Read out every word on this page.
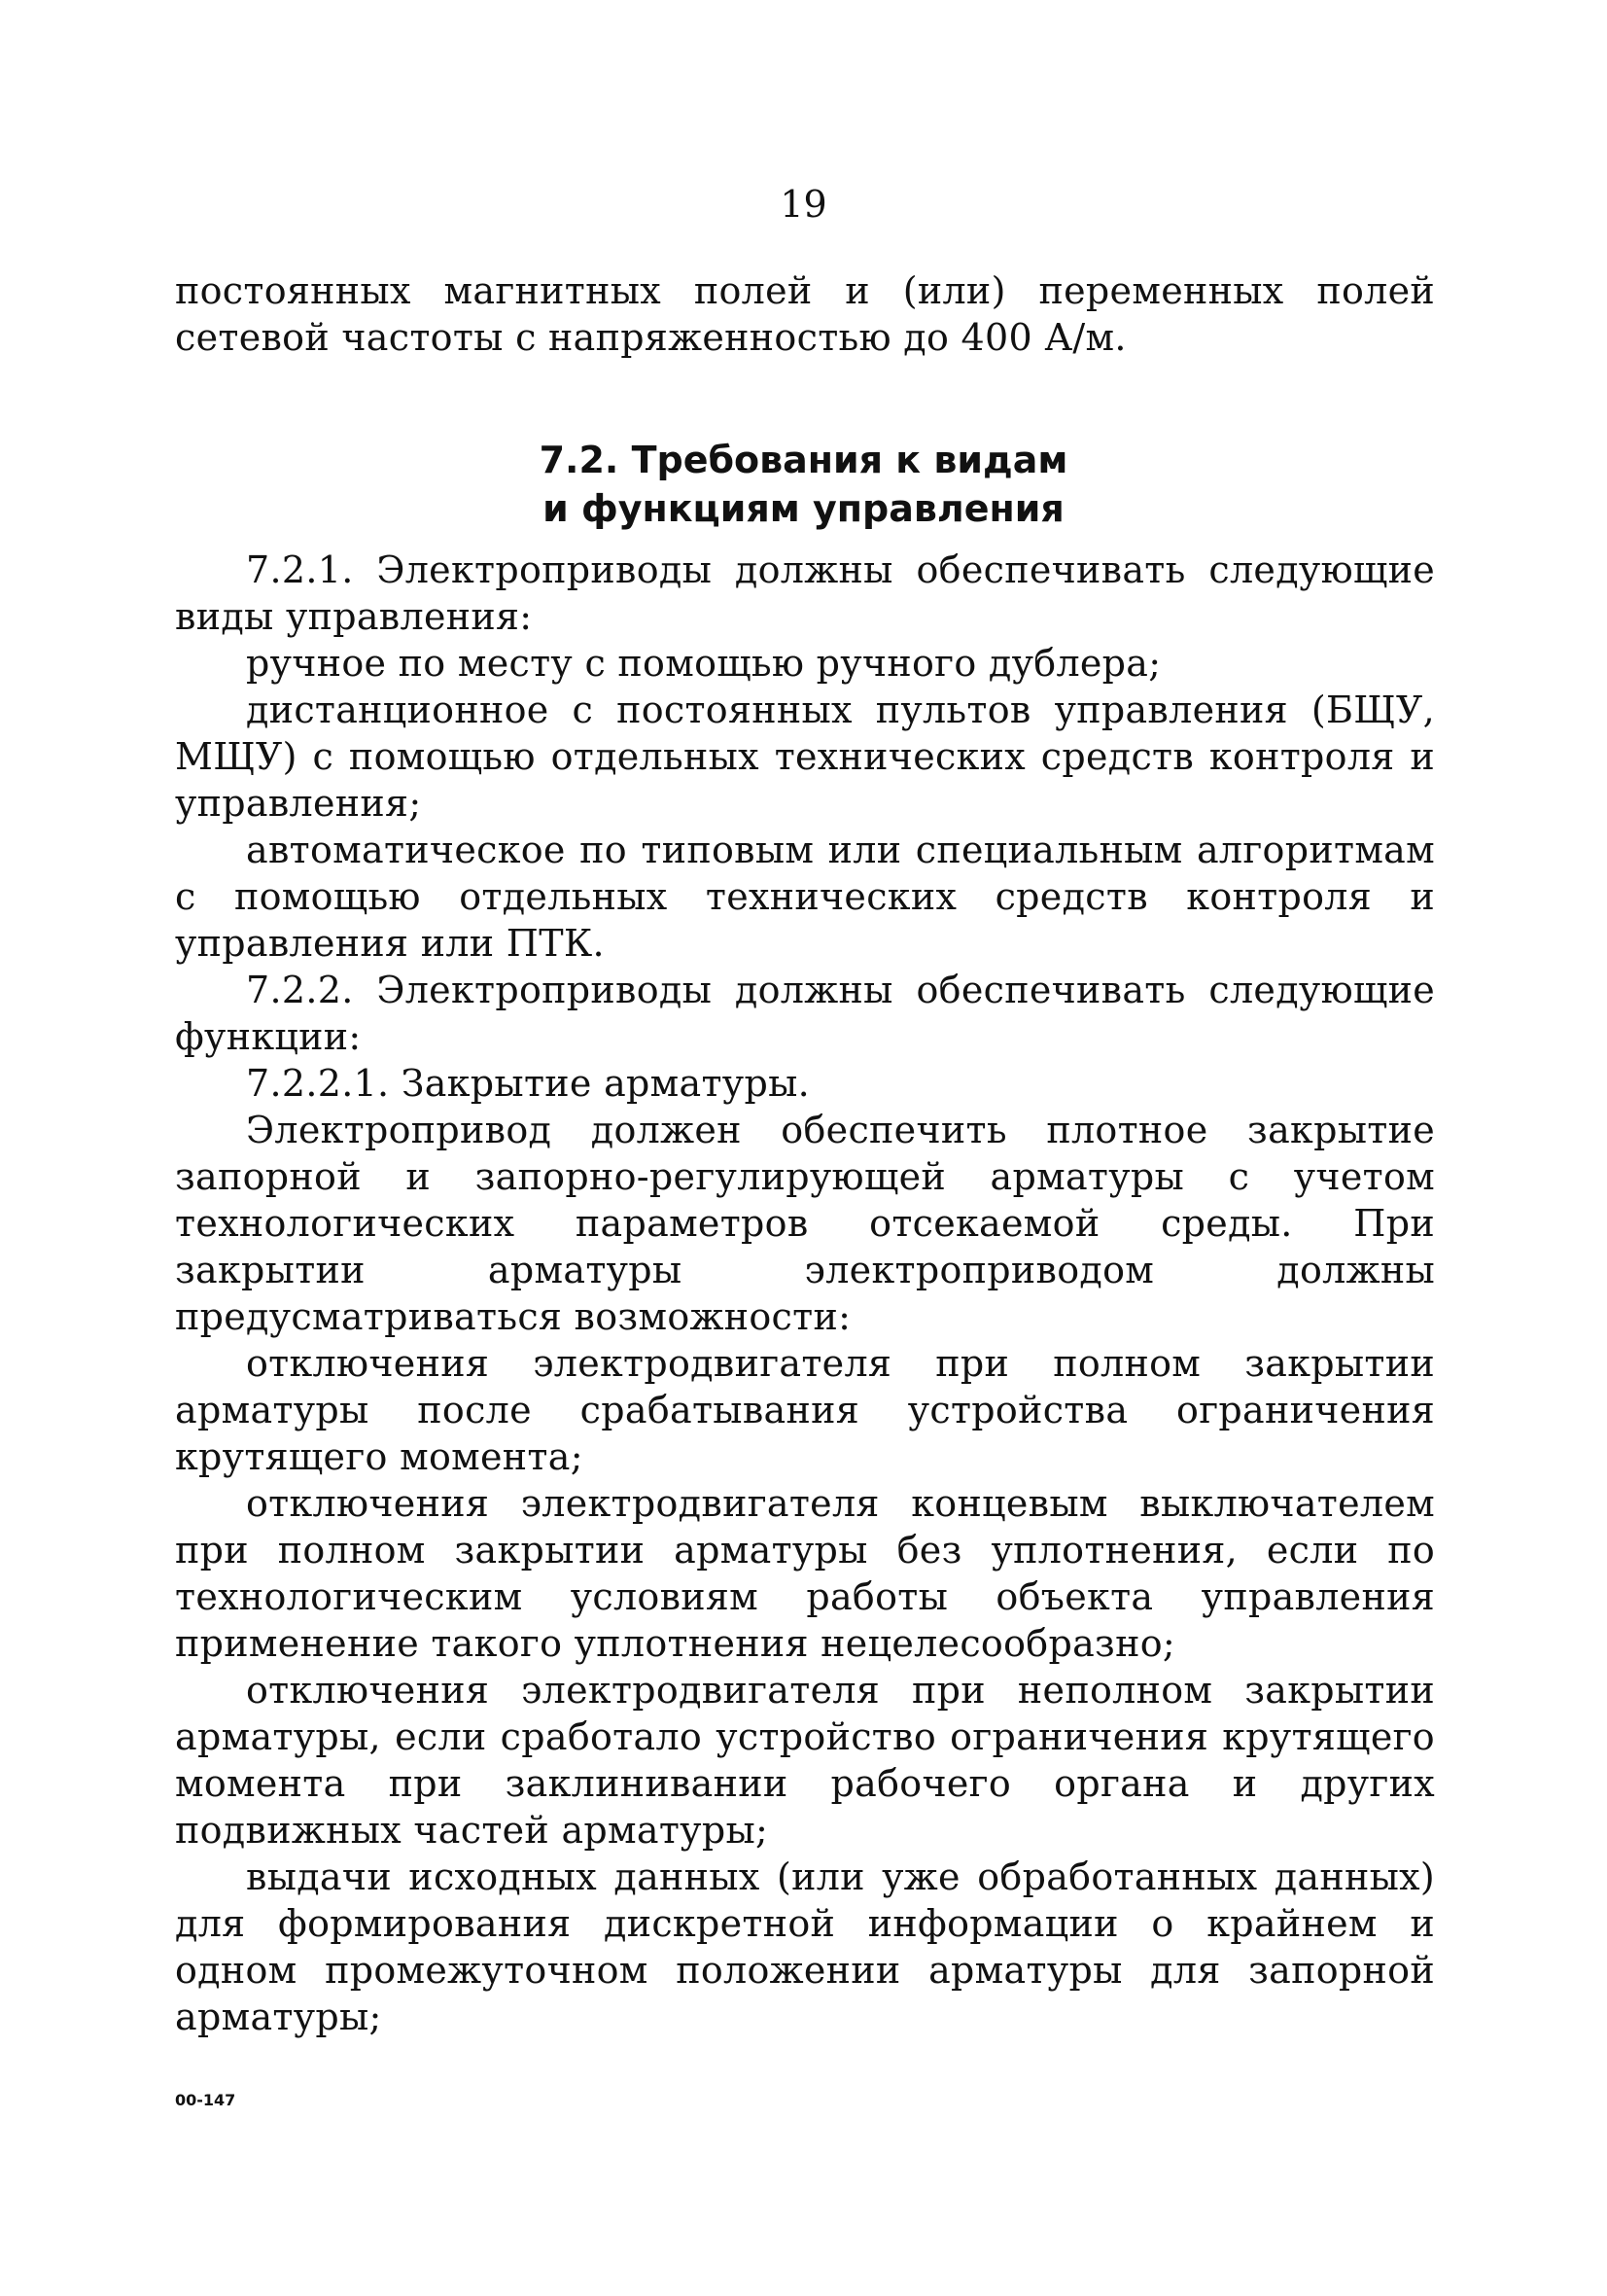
19

постоянных магнитных полей и (или) переменных полей сетевой частоты с напряженностью до 400 А/м.

7.2. Требования к видам
и функциям управления

7.2.1. Электроприводы должны обеспечивать следующие виды управления:

ручное по месту с помощью ручного дублера;

дистанционное с постоянных пультов управления (БЩУ, МЩУ) с помощью отдельных технических средств контроля и управления;

автоматическое по типовым или специальным алгоритмам с помощью отдельных технических средств контроля и управления или ПТК.

7.2.2. Электроприводы должны обеспечивать следующие функции:

7.2.2.1. Закрытие арматуры.

Электропривод должен обеспечить плотное закрытие запорной и запорно-регулирующей арматуры с учетом технологических параметров отсекаемой среды. При закрытии арматуры электроприводом должны предусматриваться возможности:

отключения электродвигателя при полном закрытии арматуры после срабатывания устройства ограничения крутящего момента;

отключения электродвигателя концевым выключателем при полном закрытии арматуры без уплотнения, если по технологическим условиям работы объекта управления применение такого уплотнения нецелесообразно;

отключения электродвигателя при неполном закрытии арматуры, если сработало устройство ограничения крутящего момента при заклинивании рабочего органа и других подвижных частей арматуры;

выдачи исходных данных (или уже обработанных данных) для формирования дискретной информации о крайнем и одном промежуточном положении арматуры для запорной арматуры;

00-147
